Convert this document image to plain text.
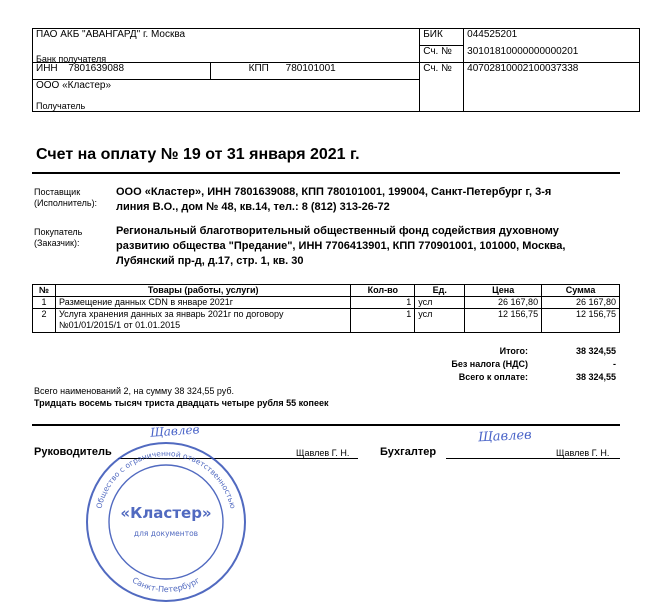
ПАО АКБ "АВАНГАРД" г. Москва
Банк получателя		БИК	044525201
		Сч. №	30101810000000000201
ИНН 7801639088	КПП 780101001	Сч. №	40702810002100037338

ООО «Кластер»
Получатель			
Счет на оплату № 19 от 31 января 2021 г.
Поставщик
(Исполнитель):
ООО «Кластер», ИНН 7801639088, КПП 780101001, 199004, Санкт-Петербург г, 3-я
линия В.О., дом № 48, кв.14, тел.: 8 (812) 313-26-72
Покупатель
(Заказчик):
Региональный благотворительный общественный фонд содействия духовному
развитию общества "Предание", ИНН 7706413901, КПП 770901001, 101000, Москва,
Лубянский пр-д, д.17, стр. 1, кв. 30
№	Товары (работы, услуги)	Кол-во	Ед.	Цена	Сумма
1	Размещение данных CDN в январе 2021г	1	усл	26 167,80	26 167,80
2	Услуга хранения данных за январь 2021г по договору
№01/01/2015/1 от 01.01.2015	1	усл	12 156,75	12 156,75
Итого:	38 324,55
Без налога (НДС)	-
Всего к оплате:	38 324,55
Всего наименований 2, на сумму 38 324,55 руб.
Тридцать восемь тысяч триста двадцать четыре рубля 55 копеек
Руководитель	Щавлев Г. Н.
Щавлев
Бухгалтер	Щавлев Г. Н.
Щавлев
Общество с ограниченной ответственностью
Санкт-Петербург
«Кластер»
для документов
